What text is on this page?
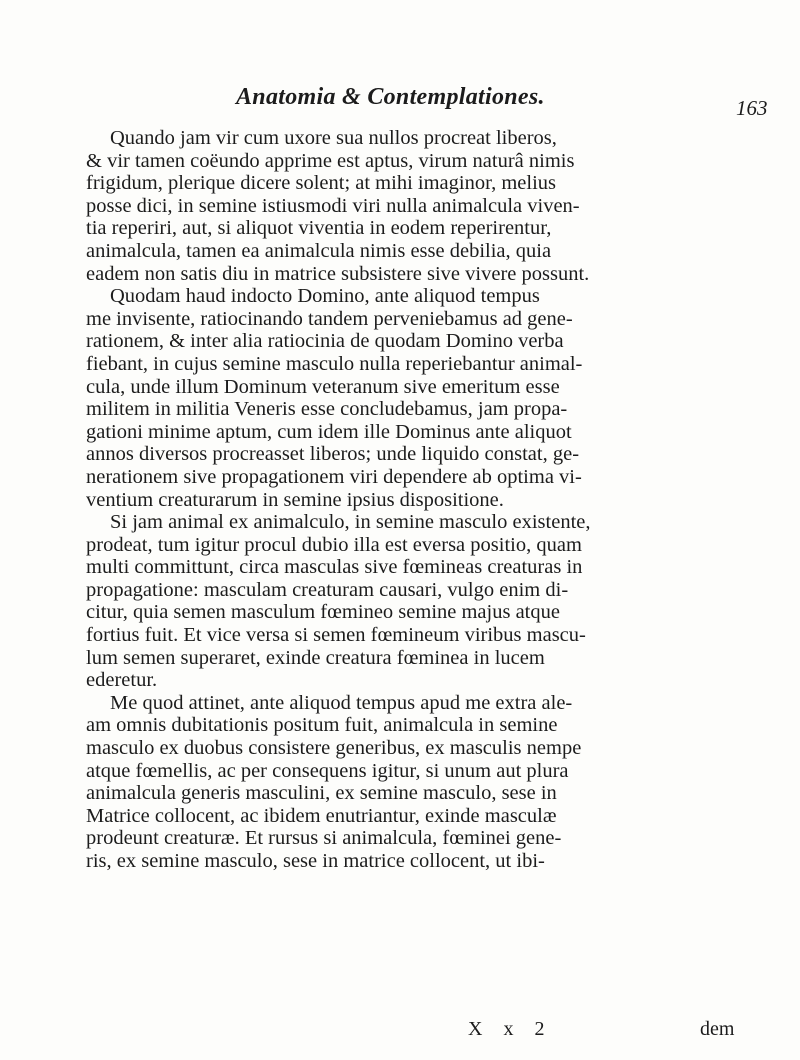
Anatomia & Contemplationes.	163
Quando jam vir cum uxore sua nullos procreat liberos,
& vir tamen coëundo apprime est aptus, virum naturâ nimis
frigidum, plerique dicere solent; at mihi imaginor, melius
posse dici, in semine istiusmodi viri nulla animalcula viven-
tia reperiri, aut, si aliquot viventia in eodem reperirentur,
animalcula, tamen ea animalcula nimis esse debilia, quia
eadem non satis diu in matrice subsistere sive vivere possunt.
Quodam haud indocto Domino, ante aliquod tempus
me invisente, ratiocinando tandem perveniebamus ad gene-
rationem, & inter alia ratiocinia de quodam Domino verba
fiebant, in cujus semine masculo nulla reperiebantur animal-
cula, unde illum Dominum veteranum sive emeritum esse
militem in militia Veneris esse concludebamus, jam propa-
gationi minime aptum, cum idem ille Dominus ante aliquot
annos diversos procreasset liberos; unde liquido constat, ge-
nerationem sive propagationem viri dependere ab optima vi-
ventium creaturarum in semine ipsius dispositione.
Si jam animal ex animalculo, in semine masculo existente,
prodeat, tum igitur procul dubio illa est eversa positio, quam
multi committunt, circa masculas sive fœmineas creaturas in
propagatione: masculam creaturam causari, vulgo enim di-
citur, quia semen masculum fœmineo semine majus atque
fortius fuit. Et vice versa si semen fœmineum viribus mascu-
lum semen superaret, exinde creatura fœminea in lucem
ederetur.
Me quod attinet, ante aliquod tempus apud me extra ale-
am omnis dubitationis positum fuit, animalcula in semine
masculo ex duobus consistere generibus, ex masculis nempe
atque fœmellis, ac per consequens igitur, si unum aut plura
animalcula generis masculini, ex semine masculo, sese in
Matrice collocent, ac ibidem enutriantur, exinde masculæ
prodeunt creaturæ. Et rursus si animalcula, fœminei gene-
ris, ex semine masculo, sese in matrice collocent, ut ibi-
X x 2	dem
